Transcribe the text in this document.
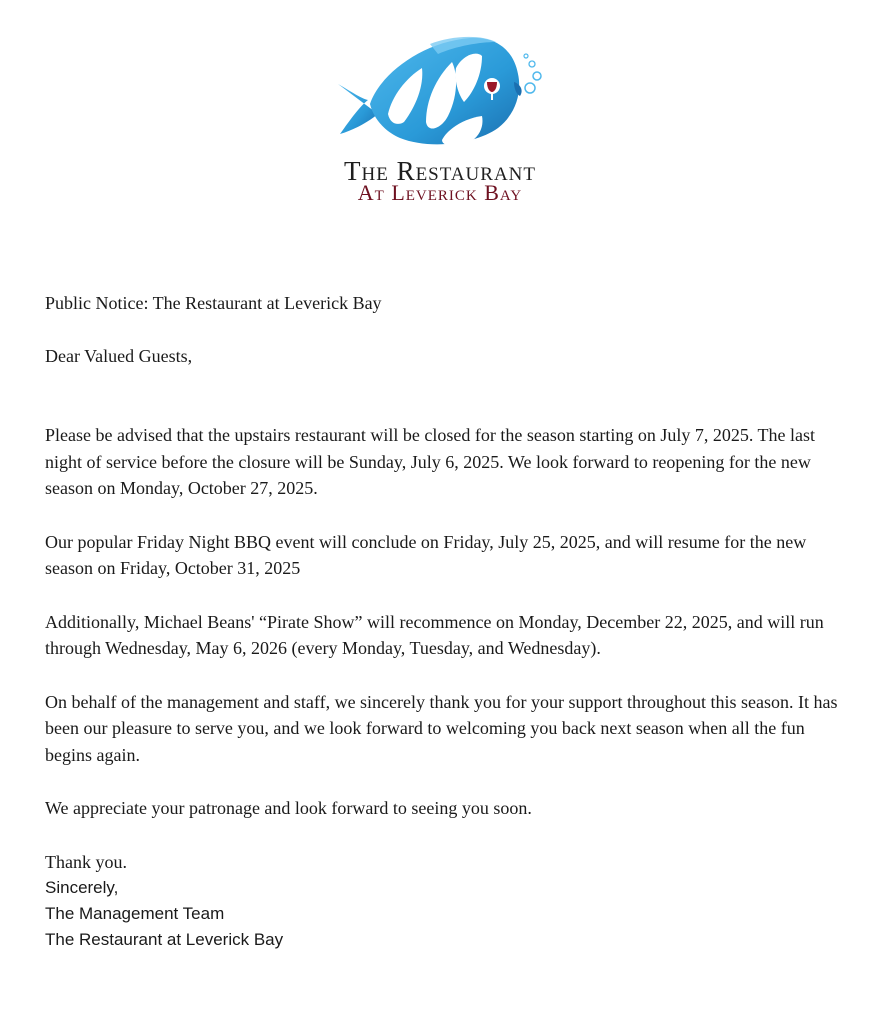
The Restaurant
At Leverick Bay

Public Notice: The Restaurant at Leverick Bay

Dear Valued Guests,

Please be advised that the upstairs restaurant will be closed for the season starting on July 7, 2025. The last night of service before the closure will be Sunday, July 6, 2025. We look forward to reopening for the new season on Monday, October 27, 2025.

Our popular Friday Night BBQ event will conclude on Friday, July 25, 2025, and will resume for the new season on Friday, October 31, 2025

Additionally, Michael Beans' “Pirate Show” will recommence on Monday, December 22, 2025, and will run through Wednesday, May 6, 2026 (every Monday, Tuesday, and Wednesday).

On behalf of the management and staff, we sincerely thank you for your support throughout this season. It has been our pleasure to serve you, and we look forward to welcoming you back next season when all the fun begins again.

We appreciate your patronage and look forward to seeing you soon.

Thank you.

Sincerely,
The Management Team
The Restaurant at Leverick Bay
